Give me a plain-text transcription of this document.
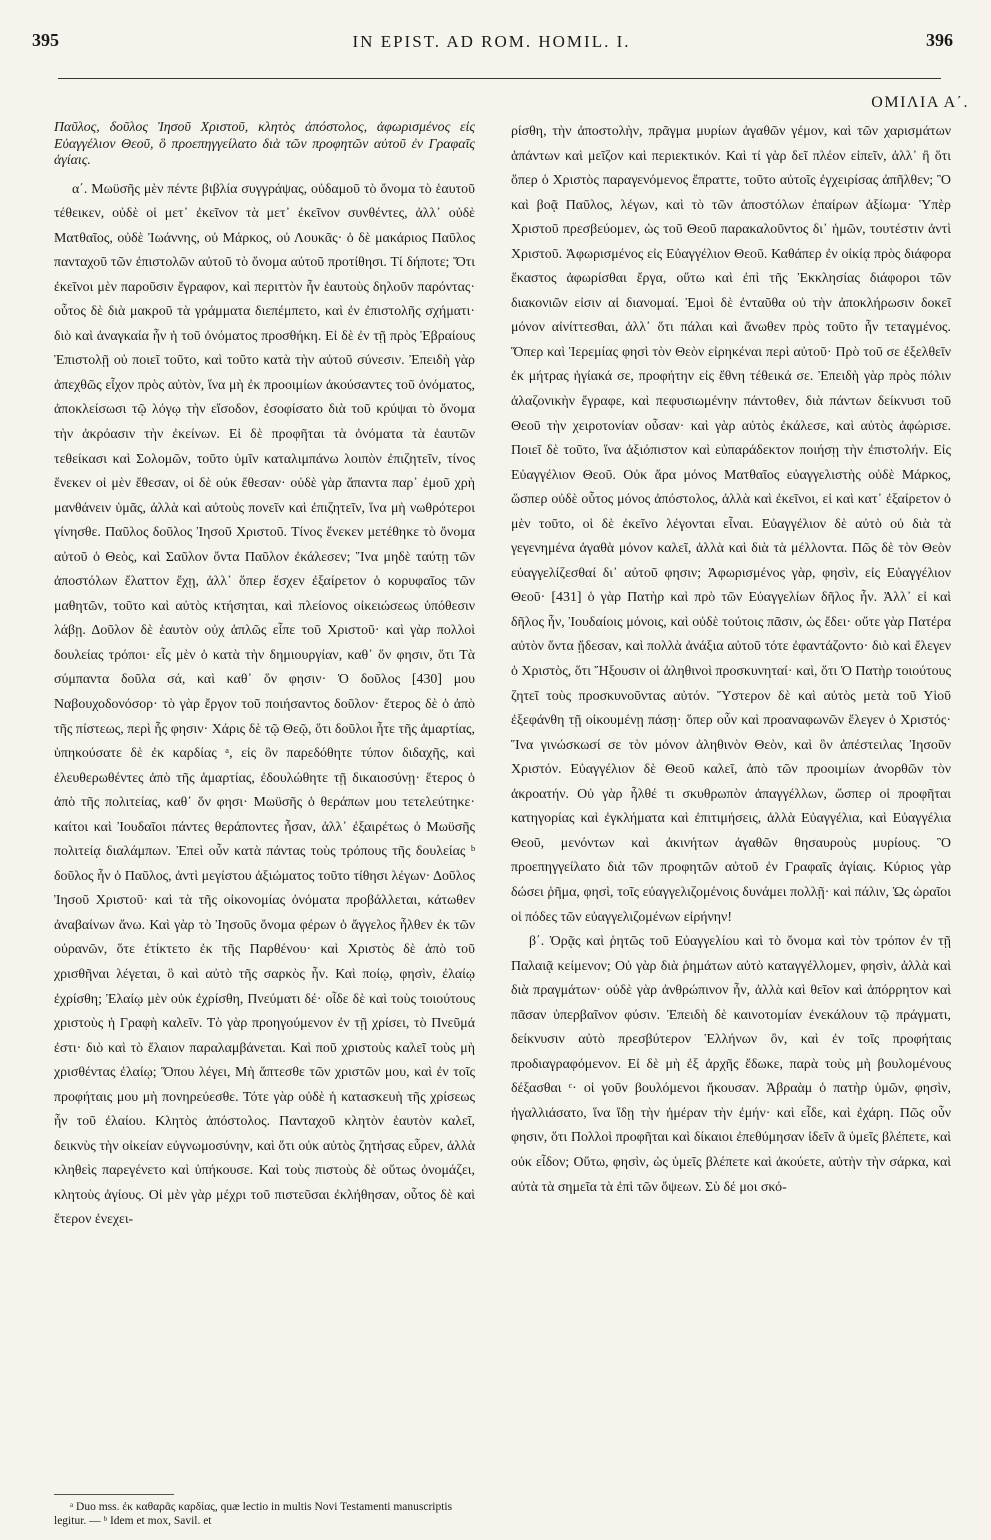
395	IN EPIST. AD ROM. HOMIL. I.	396
ΟΜΙΛΙΑ Α΄.

Παῦλος, δοῦλος Ἰησοῦ Χριστοῦ, κλητὸς ἀπόστολος, ἀφωρισμένος εἰς Εὐαγγέλιον Θεοῦ, ὃ προεπηγγείλατο διὰ τῶν προφητῶν αὐτοῦ ἐν Γραφαῖς ἁγίαις.

α΄. Μωϋσῆς μὲν πέντε βιβλία συγγράψας, οὐδαμοῦ τὸ ὄνομα τὸ ἑαυτοῦ τέθεικεν, οὐδὲ οἱ μετ᾽ ἐκεῖνον τὰ μετ᾽ ἐκεῖνον συνθέντες, ἀλλ᾽ οὐδὲ Ματθαῖος, οὐδὲ Ἰωάννης, οὐ Μάρκος, οὐ Λουκᾶς· ὁ δὲ μακάριος Παῦλος πανταχοῦ τῶν ἐπιστολῶν αὐτοῦ τὸ ὄνομα αὐτοῦ προτίθησι. Τί δήποτε; Ὅτι ἐκεῖνοι μὲν παροῦσιν ἔγραφον, καὶ περιττὸν ἦν ἑαυτοὺς δηλοῦν παρόντας· οὗτος δὲ διὰ μακροῦ τὰ γράμματα διεπέμπετο, καὶ ἐν ἐπιστολῆς σχήματι· διὸ καὶ ἀναγκαία ἦν ἡ τοῦ ὀνόματος προσθήκη. Εἰ δὲ ἐν τῇ πρὸς Ἑβραίους Ἐπιστολῇ οὐ ποιεῖ τοῦτο, καὶ τοῦτο κατὰ τὴν αὐτοῦ σύνεσιν. Ἐπειδὴ γὰρ ἀπεχθῶς εἶχον πρὸς αὐτὸν, ἵνα μὴ ἐκ προοιμίων ἀκούσαντες τοῦ ὀνόματος, ἀποκλείσωσι τῷ λόγῳ τὴν εἴσοδον, ἐσοφίσατο διὰ τοῦ κρύψαι τὸ ὄνομα τὴν ἀκρόασιν τὴν ἐκείνων. Εἰ δὲ προφῆται τὰ ὀνόματα τὰ ἑαυτῶν τεθείκασι καὶ Σολομῶν, τοῦτο ὑμῖν καταλιμπάνω λοιπὸν ἐπιζητεῖν, τίνος ἕνεκεν οἱ μὲν ἔθεσαν, οἱ δὲ οὐκ ἔθεσαν· οὐδὲ γὰρ ἅπαντα παρ᾽ ἐμοῦ χρὴ μανθάνειν ὑμᾶς, ἀλλὰ καὶ αὐτοὺς πονεῖν καὶ ἐπιζητεῖν, ἵνα μὴ νωθρότεροι γίνησθε. Παῦλος δοῦλος Ἰησοῦ Χριστοῦ. Τίνος ἕνεκεν μετέθηκε τὸ ὄνομα αὐτοῦ ὁ Θεὸς, καὶ Σαῦλον ὄντα Παῦλον ἐκάλεσεν; Ἵνα μηδὲ ταύτῃ τῶν ἀποστόλων ἔλαττον ἔχῃ, ἀλλ᾽ ὅπερ ἔσχεν ἐξαίρετον ὁ κορυφαῖος τῶν μαθητῶν, τοῦτο καὶ αὐτὸς κτήσηται, καὶ πλείονος οἰκειώσεως ὑπόθεσιν λάβῃ. Δοῦλον δὲ ἑαυτὸν οὐχ ἁπλῶς εἶπε τοῦ Χριστοῦ· καὶ γὰρ πολλοὶ δουλείας τρόποι· εἷς μὲν ὁ κατὰ τὴν δημιουργίαν, καθ᾽ ὅν φησιν, ὅτι Τὰ σύμπαντα δοῦλα σά, καὶ καθ᾽ ὅν φησιν· Ὁ δοῦλος [430] μου Ναβουχοδονόσορ· τὸ γὰρ ἔργον τοῦ ποιήσαντος δοῦλον· ἕτερος δὲ ὁ ἀπὸ τῆς πίστεως, περὶ ἧς φησιν· Χάρις δὲ τῷ Θεῷ, ὅτι δοῦλοι ἦτε τῆς ἁμαρτίας, ὑπηκούσατε δὲ ἐκ καρδίας ᵃ, εἰς ὃν παρεδόθητε τύπον διδαχῆς, καὶ ἐλευθερωθέντες ἀπὸ τῆς ἁμαρτίας, ἐδουλώθητε τῇ δικαιοσύνῃ· ἕτερος ὁ ἀπὸ τῆς πολιτείας, καθ᾽ ὅν φησι· Μωϋσῆς ὁ θεράπων μου τετελεύτηκε· καίτοι καὶ Ἰουδαῖοι πάντες θεράποντες ἦσαν, ἀλλ᾽ ἐξαιρέτως ὁ Μωϋσῆς πολιτείᾳ διαλάμπων. Ἐπεὶ οὖν κατὰ πάντας τοὺς τρόπους τῆς δουλείας ᵇ δοῦλος ἦν ὁ Παῦλος, ἀντὶ μεγίστου ἀξιώματος τοῦτο τίθησι λέγων· Δοῦλος Ἰησοῦ Χριστοῦ· καὶ τὰ τῆς οἰκονομίας ὀνόματα προβάλλεται, κάτωθεν ἀναβαίνων ἄνω. Καὶ γὰρ τὸ Ἰησοῦς ὄνομα φέρων ὁ ἄγγελος ἦλθεν ἐκ τῶν οὐρανῶν, ὅτε ἐτίκτετο ἐκ τῆς Παρθένου· καὶ Χριστὸς δὲ ἀπὸ τοῦ χρισθῆναι λέγεται, ὃ καὶ αὐτὸ τῆς σαρκὸς ἦν. Καὶ ποίῳ, φησὶν, ἐλαίῳ ἐχρίσθη; Ἐλαίῳ μὲν οὐκ ἐχρίσθη, Πνεύματι δέ· οἶδε δὲ καὶ τοὺς τοιούτους χριστοὺς ἡ Γραφὴ καλεῖν. Τὸ γὰρ προηγούμενον ἐν τῇ χρίσει, τὸ Πνεῦμά ἐστι· διὸ καὶ τὸ ἔλαιον παραλαμβάνεται. Καὶ ποῦ χριστοὺς καλεῖ τοὺς μὴ χρισθέντας ἐλαίῳ; Ὅπου λέγει, Μὴ ἅπτεσθε τῶν χριστῶν μου, καὶ ἐν τοῖς προφήταις μου μὴ πονηρεύεσθε. Τότε γὰρ οὐδὲ ἡ κατασκευὴ τῆς χρίσεως ἦν τοῦ ἐλαίου. Κλητὸς ἀπόστολος. Πανταχοῦ κλητὸν ἑαυτὸν καλεῖ, δεικνὺς τὴν οἰκείαν εὐγνωμοσύνην, καὶ ὅτι οὐκ αὐτὸς ζητήσας εὗρεν, ἀλλὰ κληθεὶς παρεγένετο καὶ ὑπήκουσε. Καὶ τοὺς πιστοὺς δὲ οὕτως ὀνομάζει, κλητοὺς ἁγίους. Οἱ μὲν γὰρ μέχρι τοῦ πιστεῦσαι ἐκλήθησαν, οὗτος δὲ καὶ ἕτερον ἐνεχει-

ρίσθη, τὴν ἀποστολὴν, πρᾶγμα μυρίων ἀγαθῶν γέμον, καὶ τῶν χαρισμάτων ἁπάντων καὶ μεῖζον καὶ περιεκτικόν. Καὶ τί γὰρ δεῖ πλέον εἰπεῖν, ἀλλ᾽ ἢ ὅτι ὅπερ ὁ Χριστὸς παραγενόμενος ἔπραττε, τοῦτο αὐτοῖς ἐγχειρίσας ἀπῆλθεν; Ὃ καὶ βοᾷ Παῦλος, λέγων, καὶ τὸ τῶν ἀποστόλων ἐπαίρων ἀξίωμα· Ὑπὲρ Χριστοῦ πρεσβεύομεν, ὡς τοῦ Θεοῦ παρακαλοῦντος δι᾽ ἡμῶν, τουτέστιν ἀντὶ Χριστοῦ. Ἀφωρισμένος εἰς Εὐαγγέλιον Θεοῦ. Καθάπερ ἐν οἰκίᾳ πρὸς διάφορα ἕκαστος ἀφωρίσθαι ἔργα, οὕτω καὶ ἐπὶ τῆς Ἐκκλησίας διάφοροι τῶν διακονιῶν εἰσιν αἱ διανομαί. Ἐμοὶ δὲ ἐνταῦθα οὐ τὴν ἀποκλήρωσιν δοκεῖ μόνον αἰνίττεσθαι, ἀλλ᾽ ὅτι πάλαι καὶ ἄνωθεν πρὸς τοῦτο ἦν τεταγμένος. Ὅπερ καὶ Ἱερεμίας φησὶ τὸν Θεὸν εἰρηκέναι περὶ αὐτοῦ· Πρὸ τοῦ σε ἐξελθεῖν ἐκ μήτρας ἡγίακά σε, προφήτην εἰς ἔθνη τέθεικά σε. Ἐπειδὴ γὰρ πρὸς πόλιν ἀλαζονικὴν ἔγραφε, καὶ πεφυσιωμένην πάντοθεν, διὰ πάντων δείκνυσι τοῦ Θεοῦ τὴν χειροτονίαν οὖσαν· καὶ γὰρ αὐτὸς ἐκάλεσε, καὶ αὐτὸς ἀφώρισε. Ποιεῖ δὲ τοῦτο, ἵνα ἀξιόπιστον καὶ εὐπαράδεκτον ποιήσῃ τὴν ἐπιστολήν. Εἰς Εὐαγγέλιον Θεοῦ. Οὐκ ἄρα μόνος Ματθαῖος εὐαγγελιστὴς οὐδὲ Μάρκος, ὥσπερ οὐδὲ οὗτος μόνος ἀπόστολος, ἀλλὰ καὶ ἐκεῖνοι, εἰ καὶ κατ᾽ ἐξαίρετον ὁ μὲν τοῦτο, οἱ δὲ ἐκεῖνο λέγονται εἶναι. Εὐαγγέλιον δὲ αὐτὸ οὐ διὰ τὰ γεγενημένα ἀγαθὰ μόνον καλεῖ, ἀλλὰ καὶ διὰ τὰ μέλλοντα. Πῶς δὲ τὸν Θεὸν εὐαγγελίζεσθαί δι᾽ αὐτοῦ φησιν; Ἀφωρισμένος γὰρ, φησὶν, εἰς Εὐαγγέλιον Θεοῦ· [431] ὁ γὰρ Πατὴρ καὶ πρὸ τῶν Εὐαγγελίων δῆλος ἦν. Ἀλλ᾽ εἰ καὶ δῆλος ἦν, Ἰουδαίοις μόνοις, καὶ οὐδὲ τούτοις πᾶσιν, ὡς ἔδει· οὔτε γὰρ Πατέρα αὐτὸν ὄντα ᾔδεσαν, καὶ πολλὰ ἀνάξια αὐτοῦ τότε ἐφαντάζοντο· διὸ καὶ ἔλεγεν ὁ Χριστὸς, ὅτι Ἤξουσιν οἱ ἀληθινοὶ προσκυνηταί· καὶ, ὅτι Ὁ Πατὴρ τοιούτους ζητεῖ τοὺς προσκυνοῦντας αὐτόν. Ὕστερον δὲ καὶ αὐτὸς μετὰ τοῦ Υἱοῦ ἐξεφάνθη τῇ οἰκουμένῃ πάσῃ· ὅπερ οὖν καὶ προαναφωνῶν ἔλεγεν ὁ Χριστός· Ἵνα γινώσκωσί σε τὸν μόνον ἀληθινὸν Θεὸν, καὶ ὃν ἀπέστειλας Ἰησοῦν Χριστόν. Εὐαγγέλιον δὲ Θεοῦ καλεῖ, ἀπὸ τῶν προοιμίων ἀνορθῶν τὸν ἀκροατήν. Οὐ γὰρ ἦλθέ τι σκυθρωπὸν ἀπαγγέλλων, ὥσπερ οἱ προφῆται κατηγορίας καὶ ἐγκλήματα καὶ ἐπιτιμήσεις, ἀλλὰ Εὐαγγέλια, καὶ Εὐαγγέλια Θεοῦ, μενόντων καὶ ἀκινήτων ἀγαθῶν θησαυροὺς μυρίους. Ὃ προεπηγγείλατο διὰ τῶν προφητῶν αὐτοῦ ἐν Γραφαῖς ἁγίαις. Κύριος γὰρ δώσει ῥῆμα, φησὶ, τοῖς εὐαγγελιζομένοις δυνάμει πολλῇ· καὶ πάλιν, Ὡς ὡραῖοι οἱ πόδες τῶν εὐαγγελιζομένων εἰρήνην!

β΄. Ὁρᾷς καὶ ῥητῶς τοῦ Εὐαγγελίου καὶ τὸ ὄνομα καὶ τὸν τρόπον ἐν τῇ Παλαιᾷ κείμενον; Οὐ γὰρ διὰ ῥημάτων αὐτὸ καταγγέλλομεν, φησὶν, ἀλλὰ καὶ διὰ πραγμάτων· οὐδὲ γὰρ ἀνθρώπινον ἦν, ἀλλὰ καὶ θεῖον καὶ ἀπόρρητον καὶ πᾶσαν ὑπερβαῖνον φύσιν. Ἐπειδὴ δὲ καινοτομίαν ἐνεκάλουν τῷ πράγματι, δείκνυσιν αὐτὸ πρεσβύτερον Ἑλλήνων ὂν, καὶ ἐν τοῖς προφήταις προδιαγραφόμενον. Εἰ δὲ μὴ ἐξ ἀρχῆς ἔδωκε, παρὰ τοὺς μὴ βουλομένους δέξασθαι ᶜ· οἱ γοῦν βουλόμενοι ἤκουσαν. Ἀβραὰμ ὁ πατὴρ ὑμῶν, φησὶν, ἠγαλλιάσατο, ἵνα ἴδῃ τὴν ἡμέραν τὴν ἐμήν· καὶ εἶδε, καὶ ἐχάρη. Πῶς οὖν φησιν, ὅτι Πολλοὶ προφῆται καὶ δίκαιοι ἐπεθύμησαν ἰδεῖν ἃ ὑμεῖς βλέπετε, καὶ οὐκ εἶδον; Οὕτω, φησὶν, ὡς ὑμεῖς βλέπετε καὶ ἀκούετε, αὐτὴν τὴν σάρκα, καὶ αὐτὰ τὰ σημεῖα τὰ ἐπὶ τῶν ὄψεων. Σὺ δέ μοι σκό-

ᵃ Duo mss. ἐκ καθαρᾶς καρδίας, quæ lectio in multis Novi Testamenti manuscriptis legitur. — ᵇ Idem et mox, Savil. et
